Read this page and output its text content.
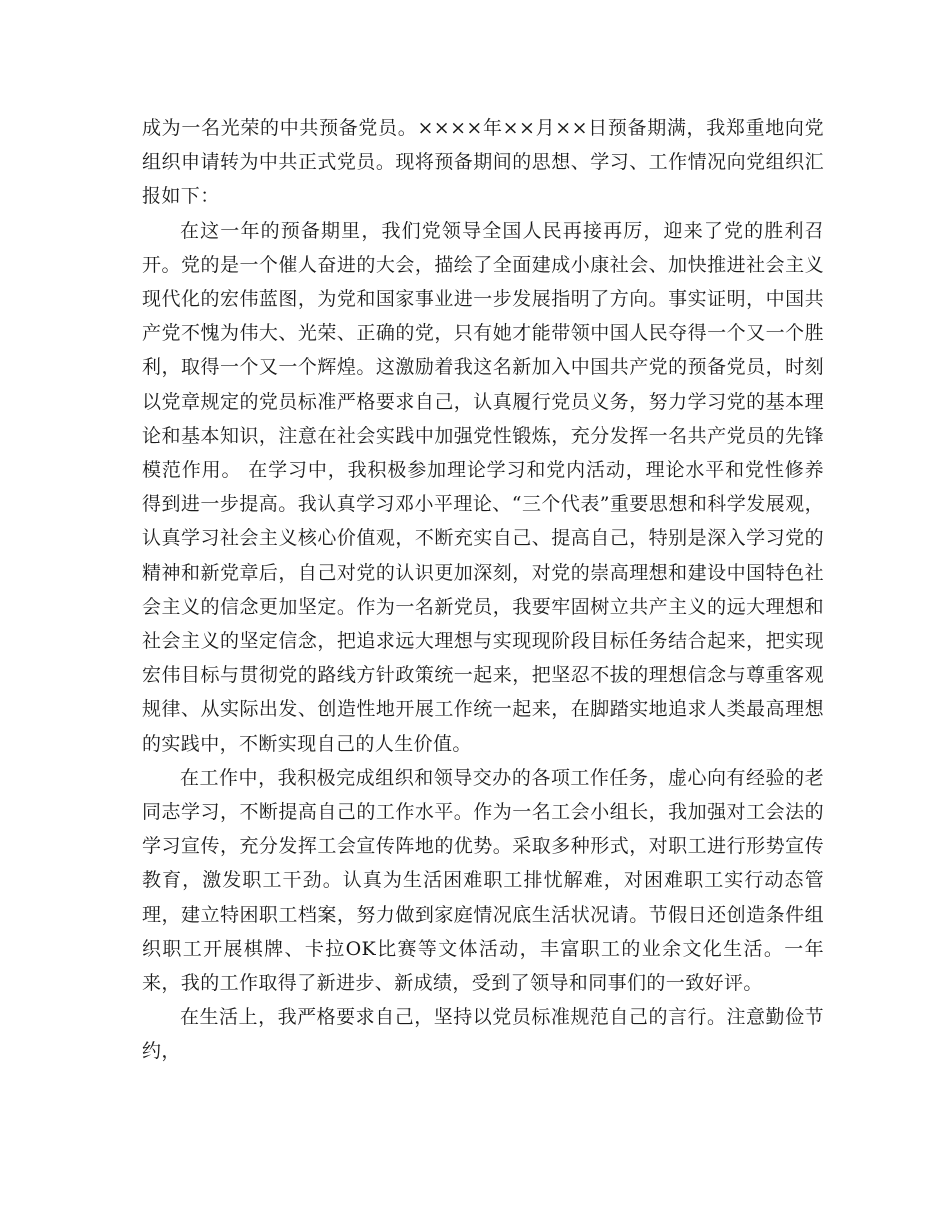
成为一名光荣的中共预备党员。××××年××月××日预备期满，我郑重地向党组织申请转为中共正式党员。现将预备期间的思想、学习、工作情况向党组织汇报如下：

在这一年的预备期里，我们党领导全国人民再接再厉，迎来了党的胜利召开。党的是一个催人奋进的大会，描绘了全面建成小康社会、加快推进社会主义现代化的宏伟蓝图，为党和国家事业进一步发展指明了方向。事实证明，中国共产党不愧为伟大、光荣、正确的党，只有她才能带领中国人民夺得一个又一个胜利，取得一个又一个辉煌。这激励着我这名新加入中国共产党的预备党员，时刻以党章规定的党员标准严格要求自己，认真履行党员义务，努力学习党的基本理论和基本知识，注意在社会实践中加强党性锻炼，充分发挥一名共产党员的先锋模范作用。 在学习中，我积极参加理论学习和党内活动，理论水平和党性修养得到进一步提高。我认真学习邓小平理论、“三个代表”重要思想和科学发展观，认真学习社会主义核心价值观，不断充实自己、提高自己，特别是深入学习党的精神和新党章后，自己对党的认识更加深刻，对党的崇高理想和建设中国特色社会主义的信念更加坚定。作为一名新党员，我要牢固树立共产主义的远大理想和社会主义的坚定信念，把追求远大理想与实现现阶段目标任务结合起来，把实现宏伟目标与贯彻党的路线方针政策统一起来，把坚忍不拔的理想信念与尊重客观规律、从实际出发、创造性地开展工作统一起来，在脚踏实地追求人类最高理想的实践中，不断实现自己的人生价值。

在工作中，我积极完成组织和领导交办的各项工作任务，虚心向有经验的老同志学习，不断提高自己的工作水平。作为一名工会小组长，我加强对工会法的学习宣传，充分发挥工会宣传阵地的优势。采取多种形式，对职工进行形势宣传教育，激发职工干劲。认真为生活困难职工排忧解难，对困难职工实行动态管理，建立特困职工档案，努力做到家庭情况底生活状况请。节假日还创造条件组织职工开展棋牌、卡拉OK比赛等文体活动，丰富职工的业余文化生活。一年来，我的工作取得了新进步、新成绩，受到了领导和同事们的一致好评。

在生活上，我严格要求自己，坚持以党员标准规范自己的言行。注意勤俭节约，
